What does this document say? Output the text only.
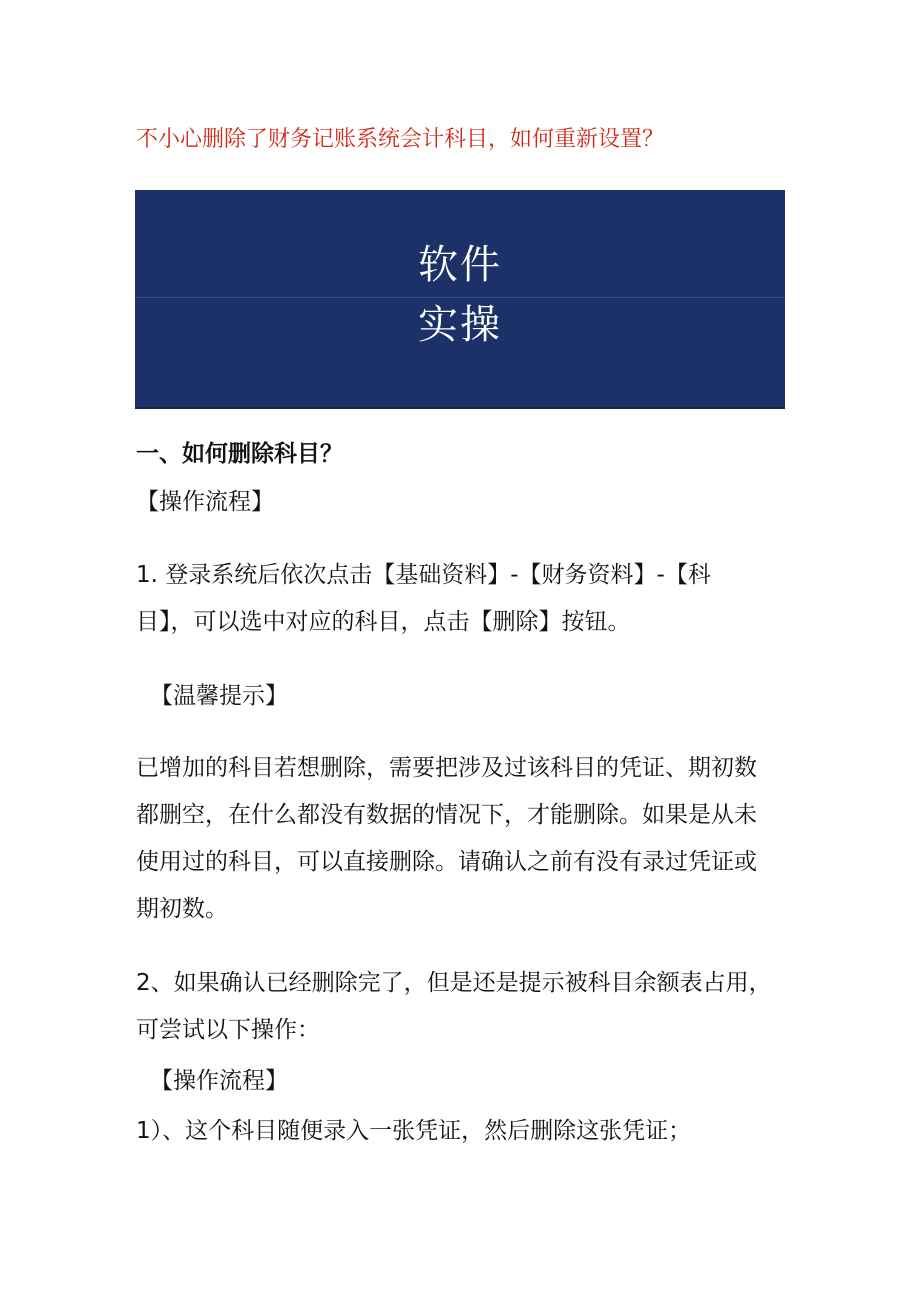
不小心删除了财务记账系统会计科目，如何重新设置？
软件
实操
一、如何删除科目？
【操作流程】
1. 登录系统后依次点击【基础资料】-【财务资料】-【科
目】，可以选中对应的科目，点击【删除】按钮。
【温馨提示】
已增加的科目若想删除，需要把涉及过该科目的凭证、期初数
都删空，在什么都没有数据的情况下，才能删除。如果是从未
使用过的科目，可以直接删除。请确认之前有没有录过凭证或
期初数。
2、如果确认已经删除完了，但是还是提示被科目余额表占用，
可尝试以下操作：
【操作流程】
1）、这个科目随便录入一张凭证，然后删除这张凭证；
